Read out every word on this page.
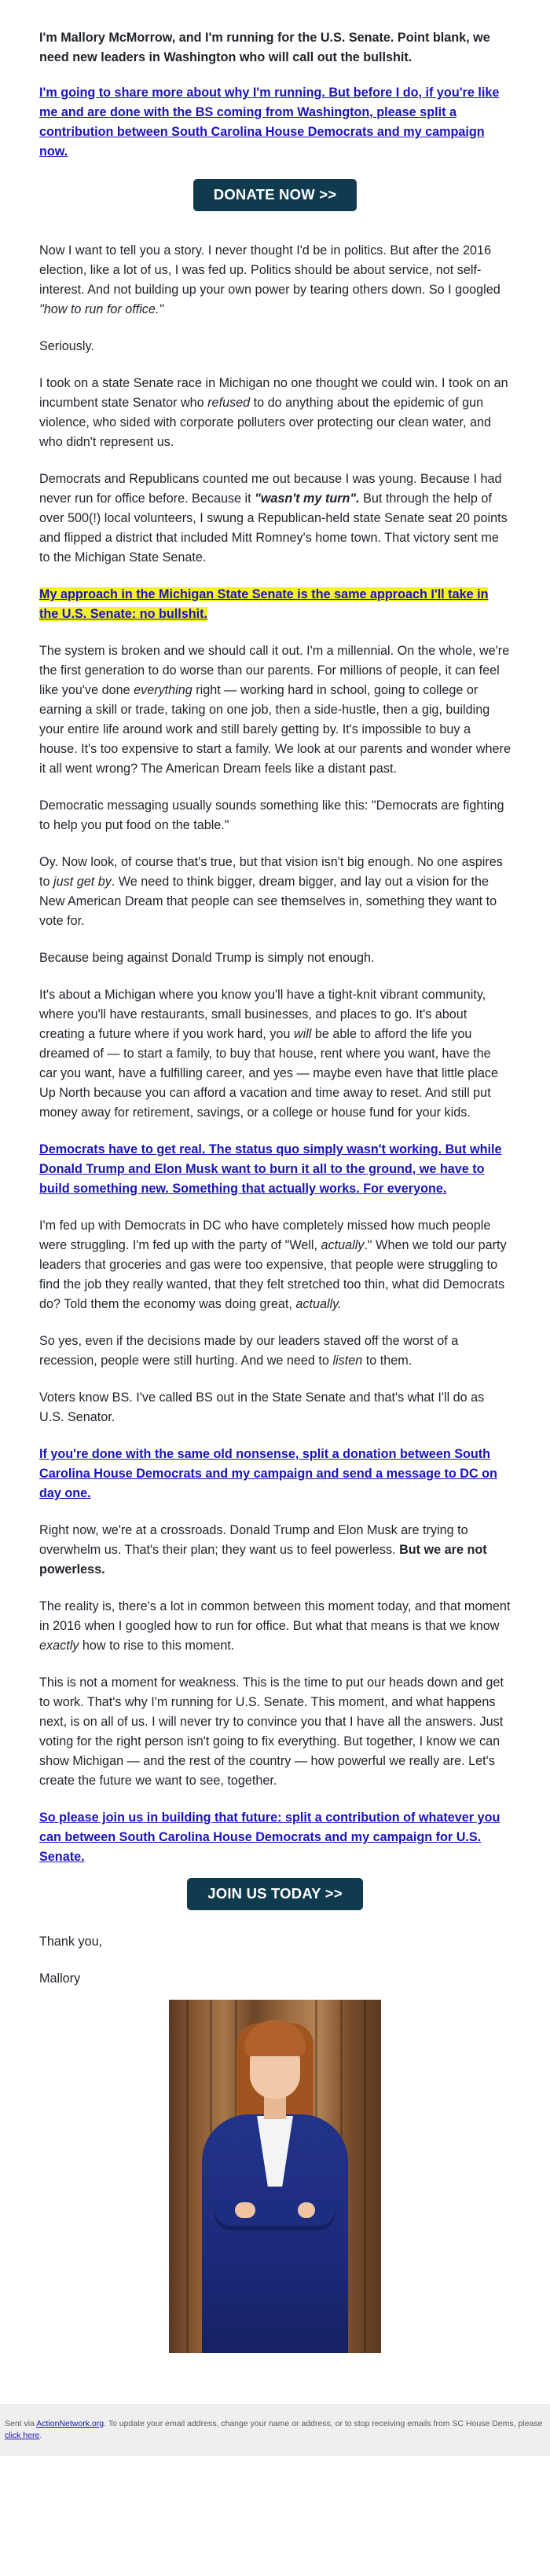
I'm Mallory McMorrow, and I'm running for the U.S. Senate. Point blank, we need new leaders in Washington who will call out the bullshit.

I'm going to share more about why I'm running. But before I do, if you're like me and are done with the BS coming from Washington, please split a contribution between South Carolina House Democrats and my campaign now.

DONATE NOW >>

Now I want to tell you a story. I never thought I'd be in politics. But after the 2016 election, like a lot of us, I was fed up. Politics should be about service, not self-interest. And not building up your own power by tearing others down. So I googled "how to run for office."

Seriously.

I took on a state Senate race in Michigan no one thought we could win. I took on an incumbent state Senator who refused to do anything about the epidemic of gun violence, who sided with corporate polluters over protecting our clean water, and who didn't represent us.

Democrats and Republicans counted me out because I was young. Because I had never run for office before. Because it "wasn't my turn". But through the help of over 500(!) local volunteers, I swung a Republican-held state Senate seat 20 points and flipped a district that included Mitt Romney's home town. That victory sent me to the Michigan State Senate.

My approach in the Michigan State Senate is the same approach I'll take in the U.S. Senate: no bullshit.

The system is broken and we should call it out. I'm a millennial. On the whole, we're the first generation to do worse than our parents. For millions of people, it can feel like you've done everything right — working hard in school, going to college or earning a skill or trade, taking on one job, then a side-hustle, then a gig, building your entire life around work and still barely getting by. It's impossible to buy a house. It's too expensive to start a family. We look at our parents and wonder where it all went wrong? The American Dream feels like a distant past.

Democratic messaging usually sounds something like this: "Democrats are fighting to help you put food on the table."

Oy. Now look, of course that's true, but that vision isn't big enough. No one aspires to just get by. We need to think bigger, dream bigger, and lay out a vision for the New American Dream that people can see themselves in, something they want to vote for.

Because being against Donald Trump is simply not enough.

It's about a Michigan where you know you'll have a tight-knit vibrant community, where you'll have restaurants, small businesses, and places to go. It's about creating a future where if you work hard, you will be able to afford the life you dreamed of — to start a family, to buy that house, rent where you want, have the car you want, have a fulfilling career, and yes — maybe even have that little place Up North because you can afford a vacation and time away to reset. And still put money away for retirement, savings, or a college or house fund for your kids.

Democrats have to get real. The status quo simply wasn't working. But while Donald Trump and Elon Musk want to burn it all to the ground, we have to build something new. Something that actually works. For everyone.

I'm fed up with Democrats in DC who have completely missed how much people were struggling. I'm fed up with the party of "Well, actually." When we told our party leaders that groceries and gas were too expensive, that people were struggling to find the job they really wanted, that they felt stretched too thin, what did Democrats do? Told them the economy was doing great, actually.

So yes, even if the decisions made by our leaders staved off the worst of a recession, people were still hurting. And we need to listen to them.

Voters know BS. I've called BS out in the State Senate and that's what I'll do as U.S. Senator.

If you're done with the same old nonsense, split a donation between South Carolina House Democrats and my campaign and send a message to DC on day one.

Right now, we're at a crossroads. Donald Trump and Elon Musk are trying to overwhelm us. That's their plan; they want us to feel powerless. But we are not powerless.

The reality is, there's a lot in common between this moment today, and that moment in 2016 when I googled how to run for office. But what that means is that we know exactly how to rise to this moment.

This is not a moment for weakness. This is the time to put our heads down and get to work. That's why I'm running for U.S. Senate. This moment, and what happens next, is on all of us. I will never try to convince you that I have all the answers. Just voting for the right person isn't going to fix everything. But together, I know we can show Michigan — and the rest of the country — how powerful we really are. Let's create the future we want to see, together.

So please join us in building that future: split a contribution of whatever you can between South Carolina House Democrats and my campaign for U.S. Senate.

JOIN US TODAY >>

Thank you,

Mallory

Sent via ActionNetwork.org. To update your email address, change your name or address, or to stop receiving emails from SC House Dems, please click here.
